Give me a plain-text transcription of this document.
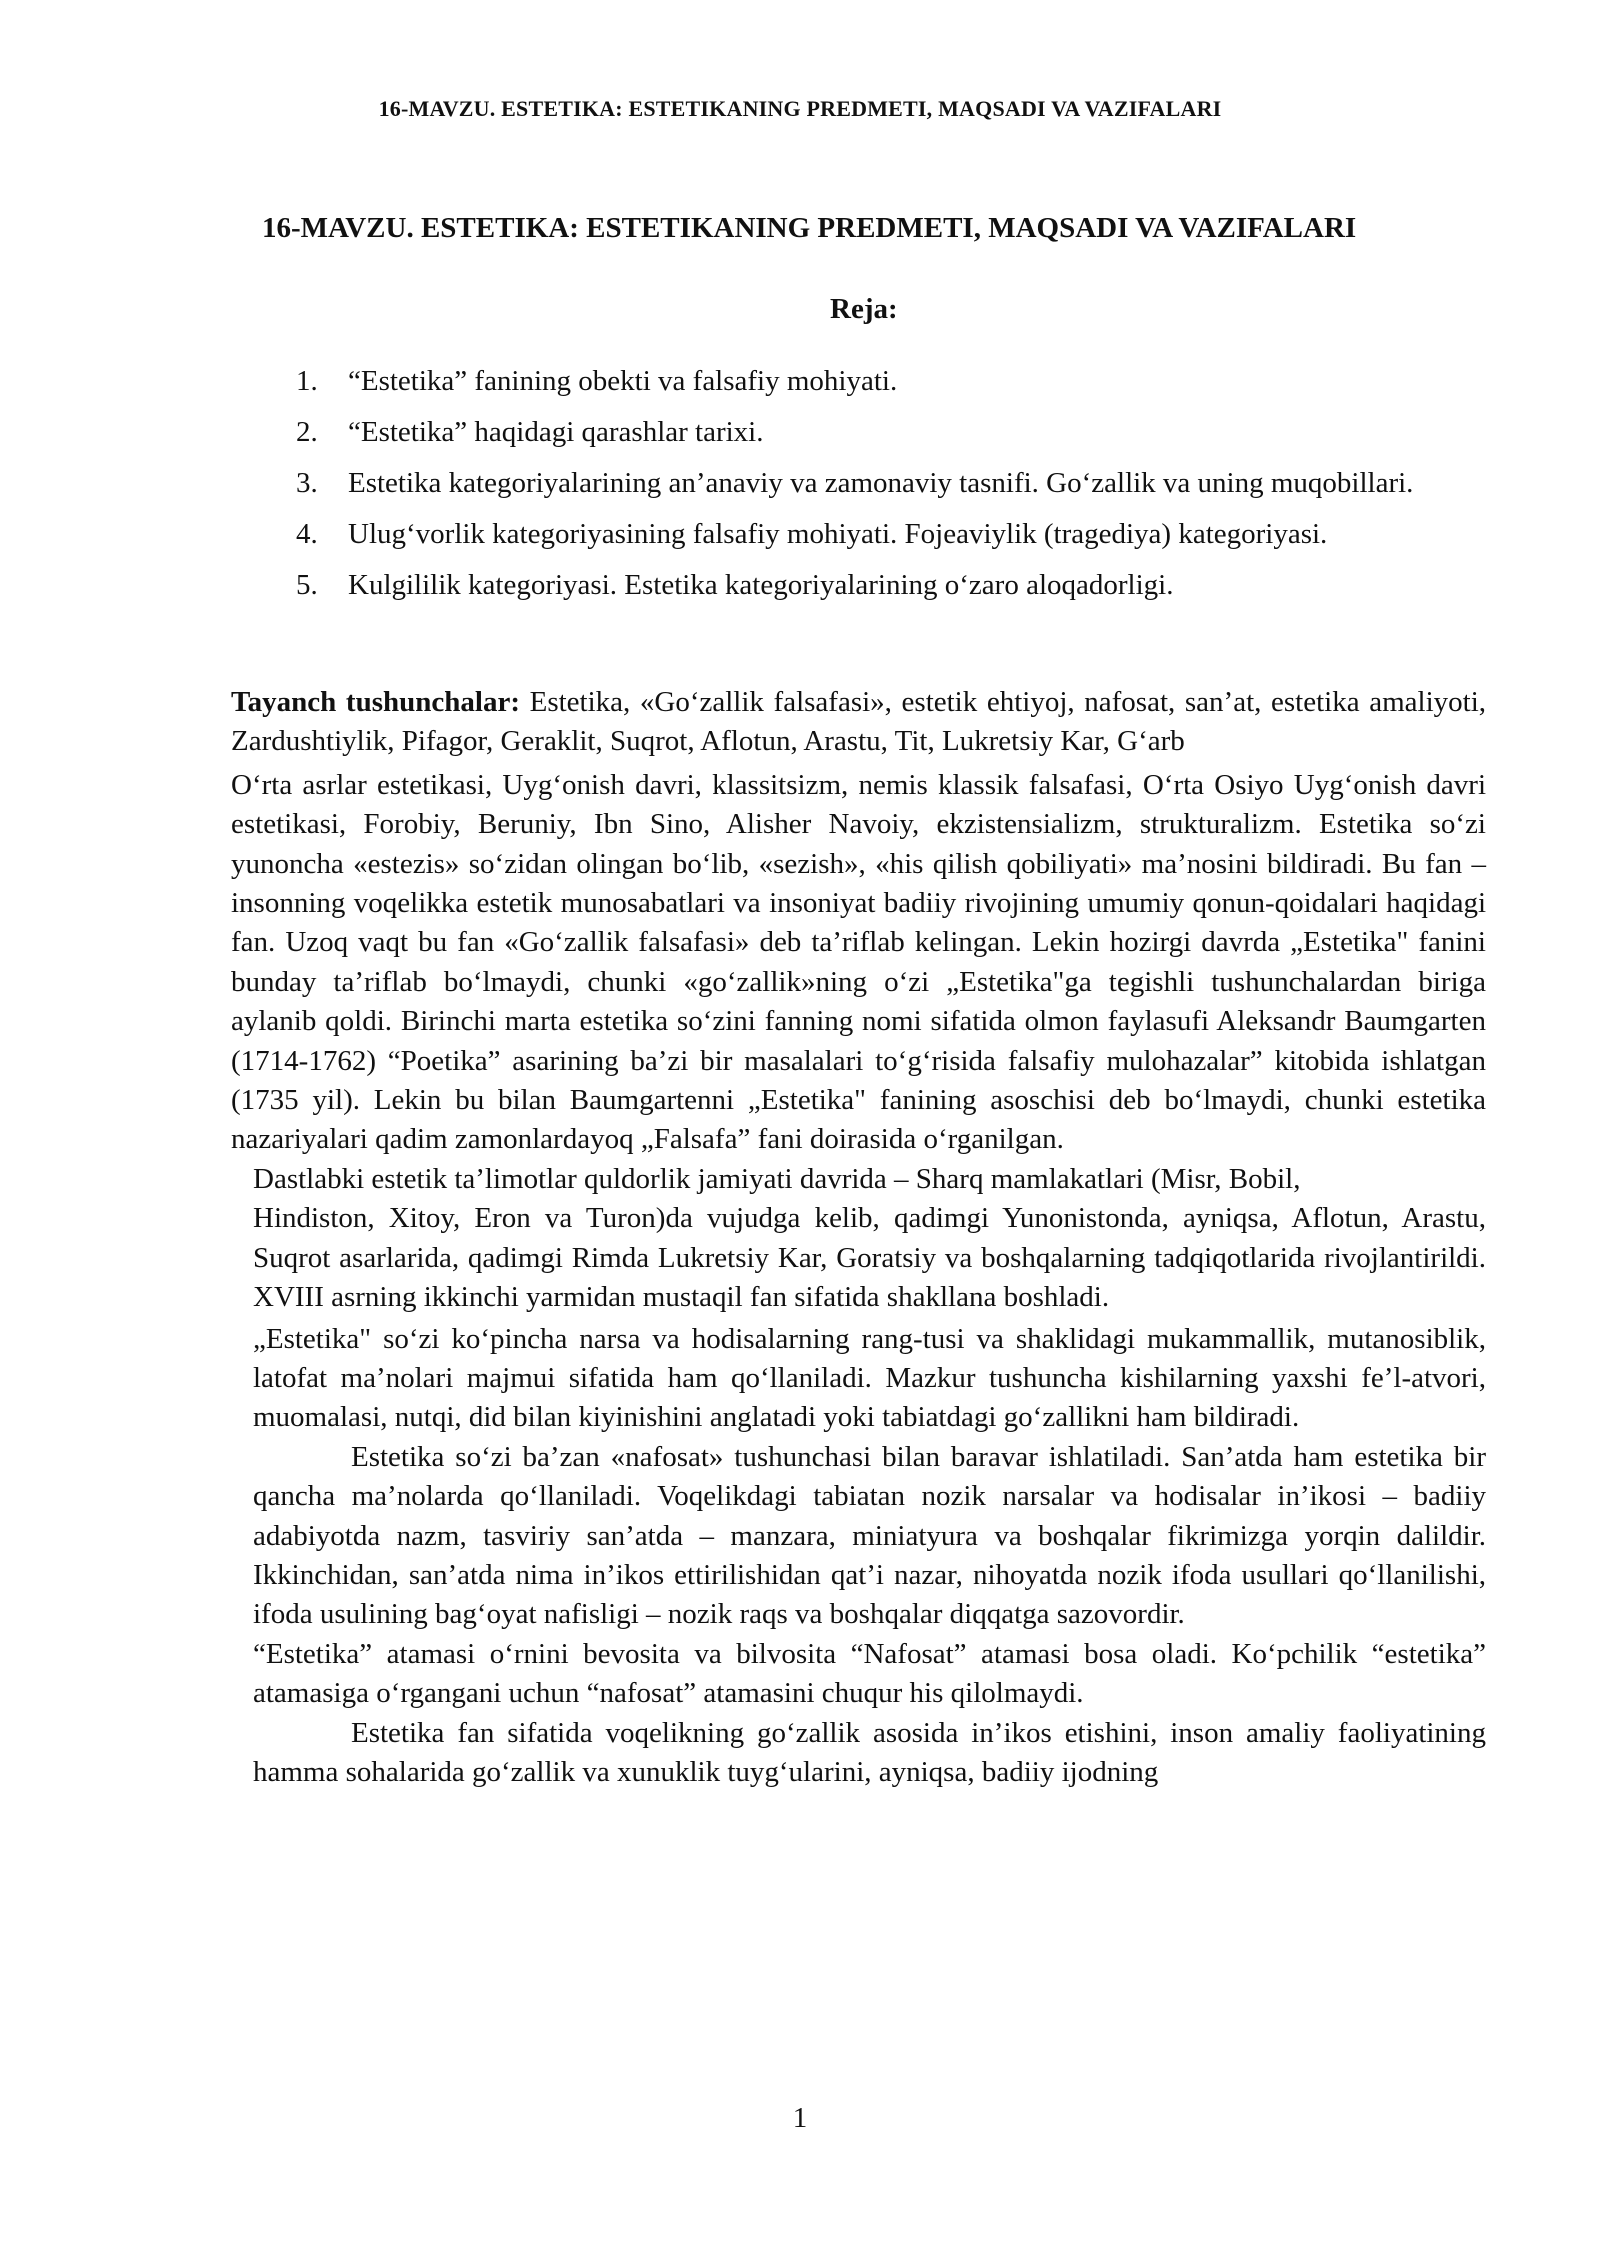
16-MAVZU. ESTETIKA: ESTETIKANING PREDMETI, MAQSADI VA VAZIFALARI
16-MAVZU. ESTETIKA: ESTETIKANING PREDMETI, MAQSADI VA VAZIFALARI
Reja:
1. “Estetika” fanining obekti va falsafiy mohiyati.
2. “Estetika” haqidagi qarashlar tarixi.
3. Estetika kategoriyalarining an’anaviy va zamonaviy tasnifi. Go‘zallik va uning muqobillari.
4. Ulug‘vorlik kategoriyasining falsafiy mohiyati. Fojeaviylik (tragediya) kategoriyasi.
5. Kulgililik kategoriyasi. Estetika kategoriyalarining o‘zaro aloqadorligi.

Tayanch tushunchalar: Estetika, «Go‘zallik falsafasi», estetik ehtiyoj, nafosat, san’at, estetika amaliyoti, Zardushtiylik, Pifagor, Geraklit, Suqrot, Aflotun, Arastu, Tit, Lukretsiy Kar, G‘arb

O‘rta asrlar estetikasi, Uyg‘onish davri, klassitsizm, nemis klassik falsafasi, O‘rta Osiyo Uyg‘onish davri estetikasi, Forobiy, Beruniy, Ibn Sino, Alisher Navoiy, ekzistensializm, strukturalizm. Estetika so‘zi yunoncha «estezis» so‘zidan olingan bo‘lib, «sezish», «his qilish qobiliyati» ma’nosini bildiradi. Bu fan – insonning voqelikka estetik munosabatlari va insoniyat badiiy rivojining umumiy qonun-qoidalari haqidagi fan. Uzoq vaqt bu fan «Go‘zallik falsafasi» deb ta’riflab kelingan. Lekin hozirgi davrda „Estetika" fanini bunday ta’riflab bo‘lmaydi, chunki «go‘zallik»ning o‘zi „Estetika"ga tegishli tushunchalardan biriga aylanib qoldi. Birinchi marta estetika so‘zini fanning nomi sifatida olmon faylasufi Aleksandr Baumgarten (1714-1762) “Poetika” asarining ba’zi bir masalalari to‘g‘risida falsafiy mulohazalar” kitobida ishlatgan (1735 yil). Lekin bu bilan Baumgartenni „Estetika" fanining asoschisi deb bo‘lmaydi, chunki estetika nazariyalari qadim zamonlardayoq „Falsafa” fani doirasida o‘rganilgan.

Dastlabki estetik ta’limotlar quldorlik jamiyati davrida – Sharq mamlakatlari (Misr, Bobil,

Hindiston, Xitoy, Eron va Turon)da vujudga kelib, qadimgi Yunonistonda, ayniqsa, Aflotun, Arastu, Suqrot asarlarida, qadimgi Rimda Lukretsiy Kar, Goratsiy va boshqalarning tadqiqotlarida rivojlantirildi. XVIII asrning ikkinchi yarmidan mustaqil fan sifatida shakllana boshladi.

„Estetika" so‘zi ko‘pincha narsa va hodisalarning rang-tusi va shaklidagi mukammallik, mutanosiblik, latofat ma’nolari majmui sifatida ham qo‘llaniladi. Mazkur tushuncha kishilarning yaxshi fe’l-atvori, muomalasi, nutqi, did bilan kiyinishini anglatadi yoki tabiatdagi go‘zallikni ham bildiradi.

Estetika so‘zi ba’zan «nafosat» tushunchasi bilan baravar ishlatiladi. San’atda ham estetika bir qancha ma’nolarda qo‘llaniladi. Voqelikdagi tabiatan nozik narsalar va hodisalar in’ikosi – badiiy adabiyotda nazm, tasviriy san’atda – manzara, miniatyura va boshqalar fikrimizga yorqin dalildir. Ikkinchidan, san’atda nima in’ikos ettirilishidan qat’i nazar, nihoyatda nozik ifoda usullari qo‘llanilishi, ifoda usulining bag‘oyat nafisligi – nozik raqs va boshqalar diqqatga sazovordir.

“Estetika” atamasi o‘rnini bevosita va bilvosita “Nafosat” atamasi bosa oladi. Ko‘pchilik “estetika” atamasiga o‘rgangani uchun “nafosat” atamasini chuqur his qilolmaydi.

Estetika fan sifatida voqelikning go‘zallik asosida in’ikos etishini, inson amaliy faoliyatining hamma sohalarida go‘zallik va xunuklik tuyg‘ularini, ayniqsa, badiiy ijodning

1
